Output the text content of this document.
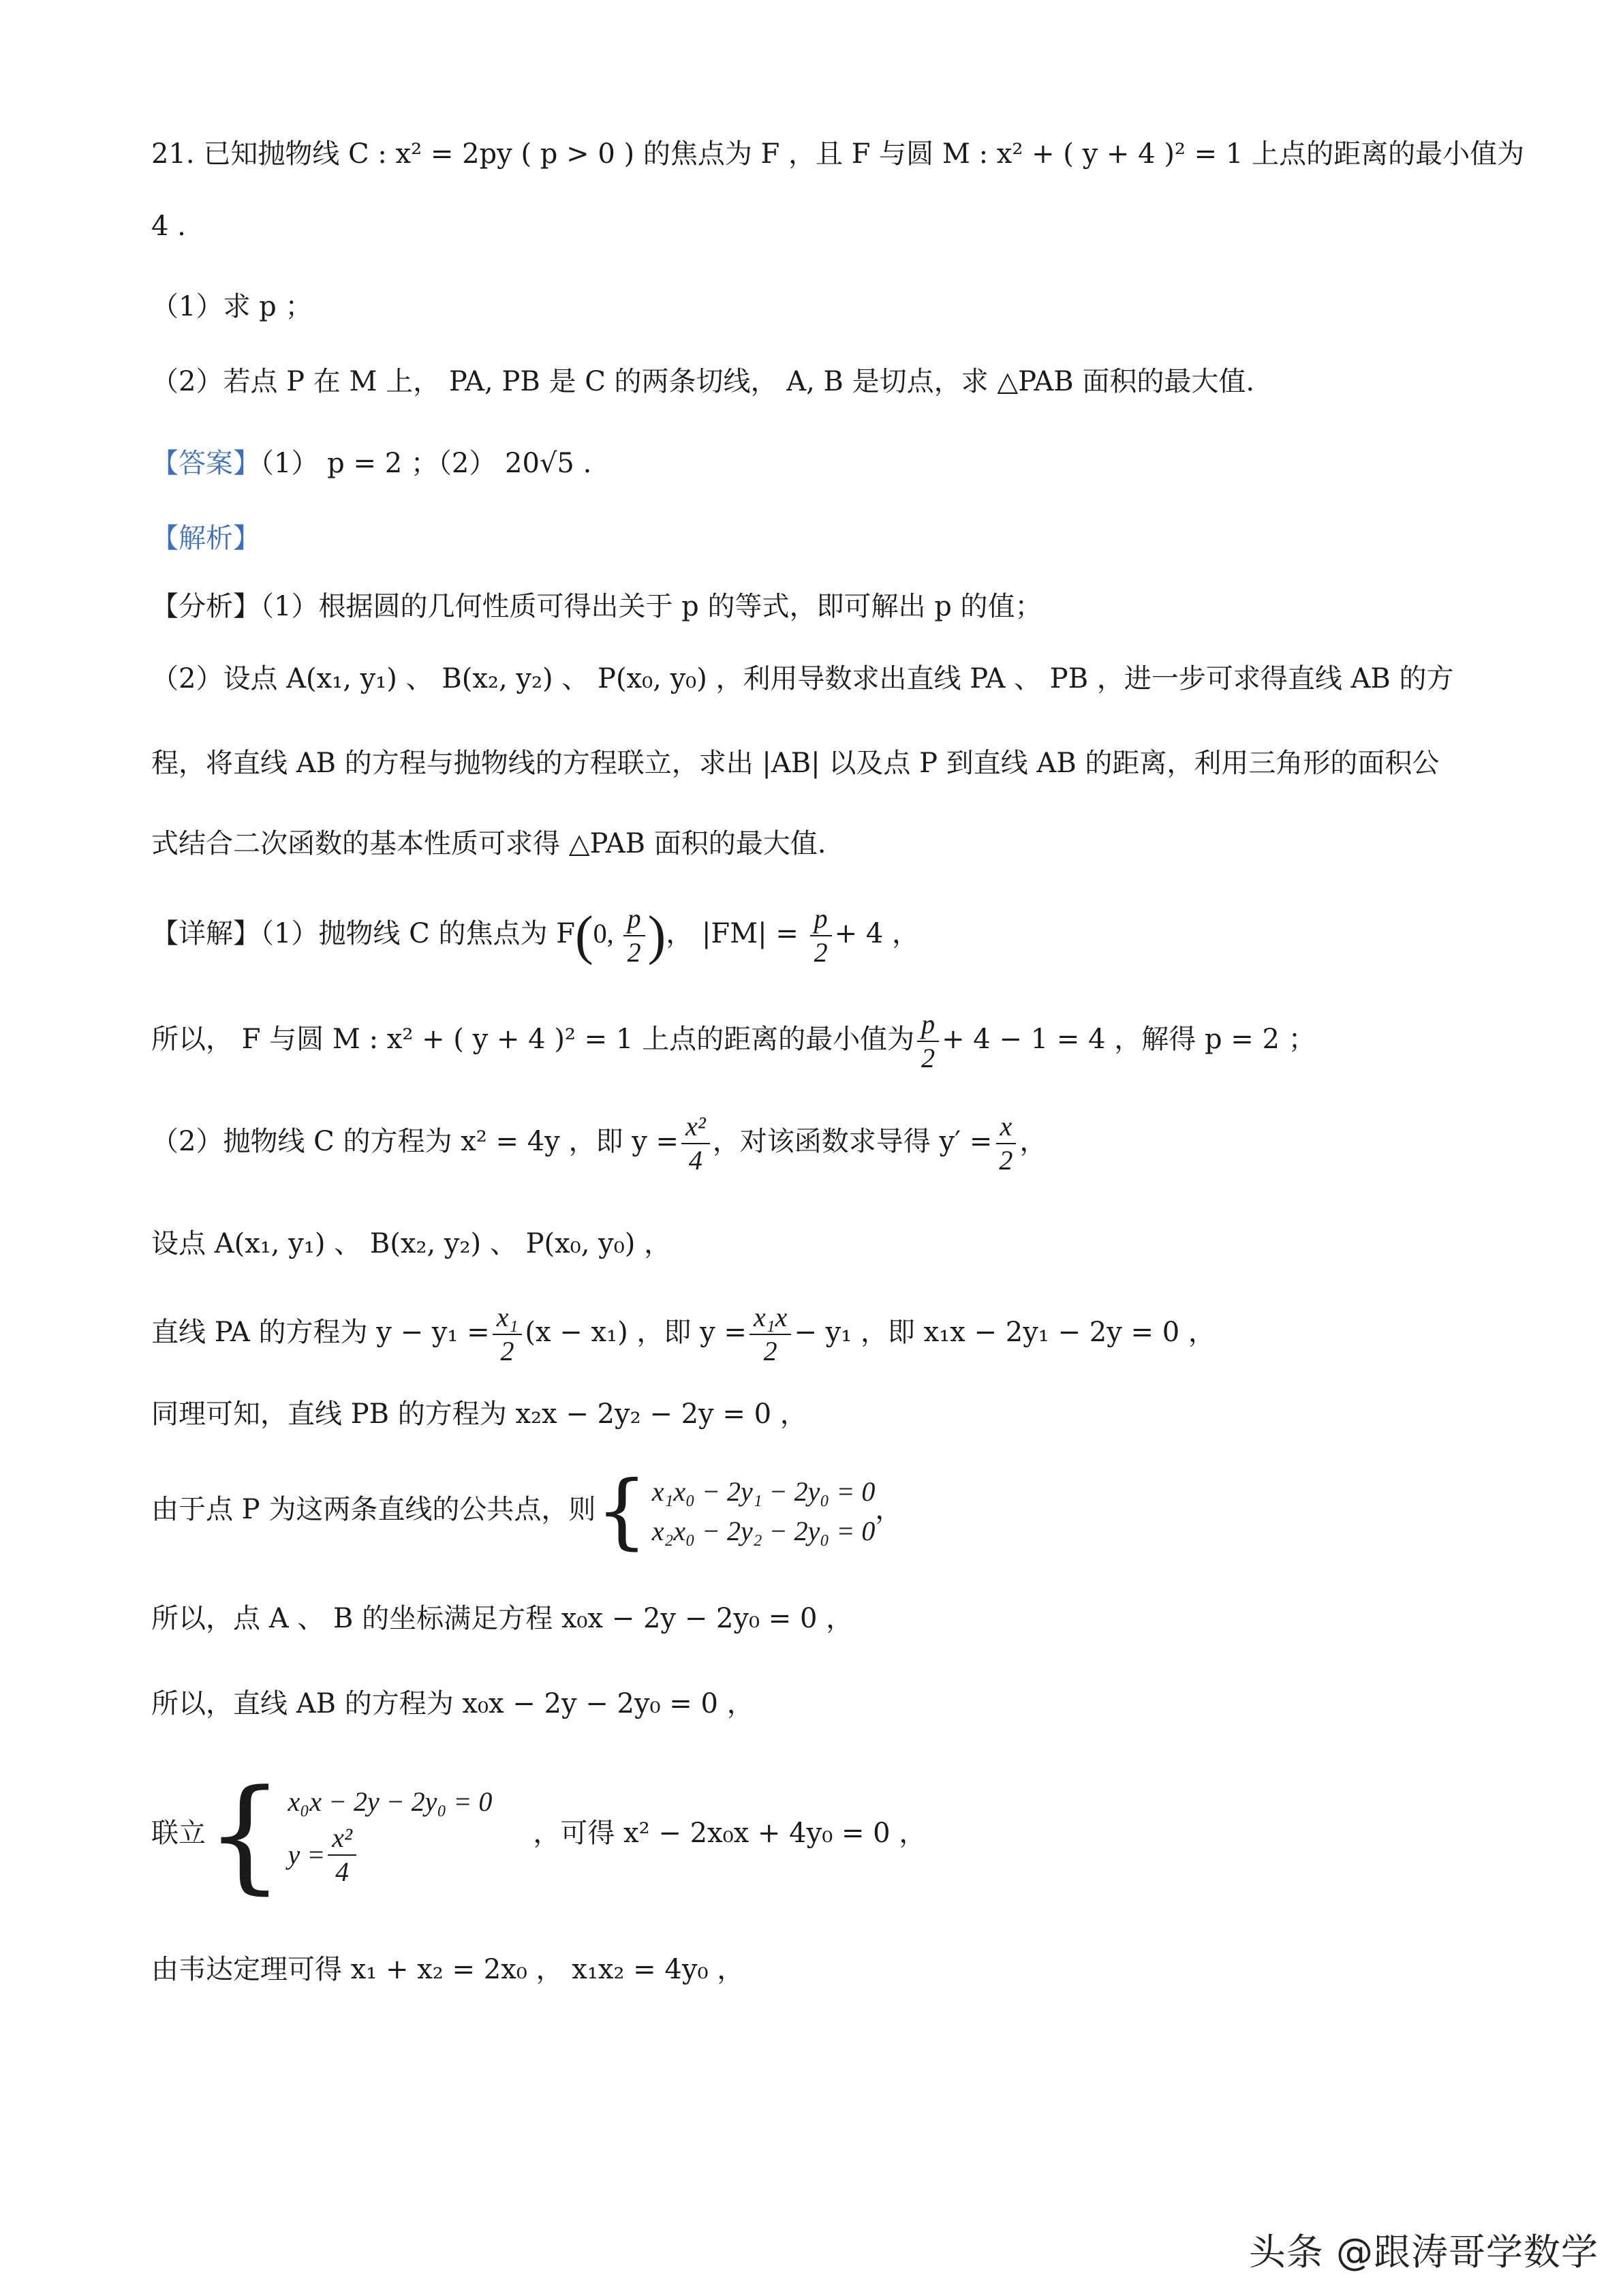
21. 已知抛物线 C : x² = 2py ( p > 0 ) 的焦点为 F ，且 F 与圆 M : x² + ( y + 4 )² = 1 上点的距离的最小值为
4 .
（1）求 p ；
（2）若点 P 在 M 上， PA, PB 是 C 的两条切线， A, B 是切点，求 △PAB 面积的最大值.
【答案】（1） p = 2 ；（2） 20√5 .
【解析】
【分析】（1）根据圆的几何性质可得出关于 p 的等式，即可解出 p 的值；
（2）设点 A(x₁, y₁) 、 B(x₂, y₂) 、 P(x₀, y₀) ，利用导数求出直线 PA 、 PB ，进一步可求得直线 AB 的方
程，将直线 AB 的方程与抛物线的方程联立，求出 |AB| 以及点 P 到直线 AB 的距离，利用三角形的面积公
式结合二次函数的基本性质可求得 △PAB 面积的最大值.
【详解】（1）抛物线 C 的焦点为 F(0, $\frac{p}{2}$ )， $|FM| = \frac{p}{2} + 4$ ，
所以， F 与圆 M : x² + ( y + 4 )² = 1 上点的距离的最小值为 $\frac{p}{2} + 4 - 1 = 4$ ，解得 p = 2 ；
（2）抛物线 C 的方程为 x² = 4y ，即 $y = \frac{\text{x²}}{4}$ ，对该函数求导得 $y' = \frac{x}{2}$ ，
设点 A(x₁, y₁) 、 B(x₂, y₂) 、 P(x₀, y₀) ，
直线 PA 的方程为 $y - y_1 = \frac{\text{x₁}}{2} (x - x_1)$ ，即 $y = \frac{\text{x₁x}}{2} - y_1$ ，即 x₁x − 2y₁ − 2y = 0 ，
同理可知，直线 PB 的方程为 x₂x − 2y₂ − 2y = 0 ，
由于点 P 为这两条直线的公共点，则 { x₁x₀ − 2y₁ − 2y₀ = 0
x₂x₀ − 2y₂ − 2y₀ = 0
，
所以，点 A 、 B 的坐标满足方程 x₀x − 2y − 2y₀ = 0 ，
所以，直线 AB 的方程为 x₀x − 2y − 2y₀ = 0 ，
联立 { x₀x − 2y − 2y₀ = 0
$y = \frac{\text{x²}}{4}$	，可得 x² − 2x₀x + 4y₀ = 0 ，
由韦达定理可得 x₁ + x₂ = 2x₀ ， x₁x₂ = 4y₀ ，
头条 @跟涛哥学数学
